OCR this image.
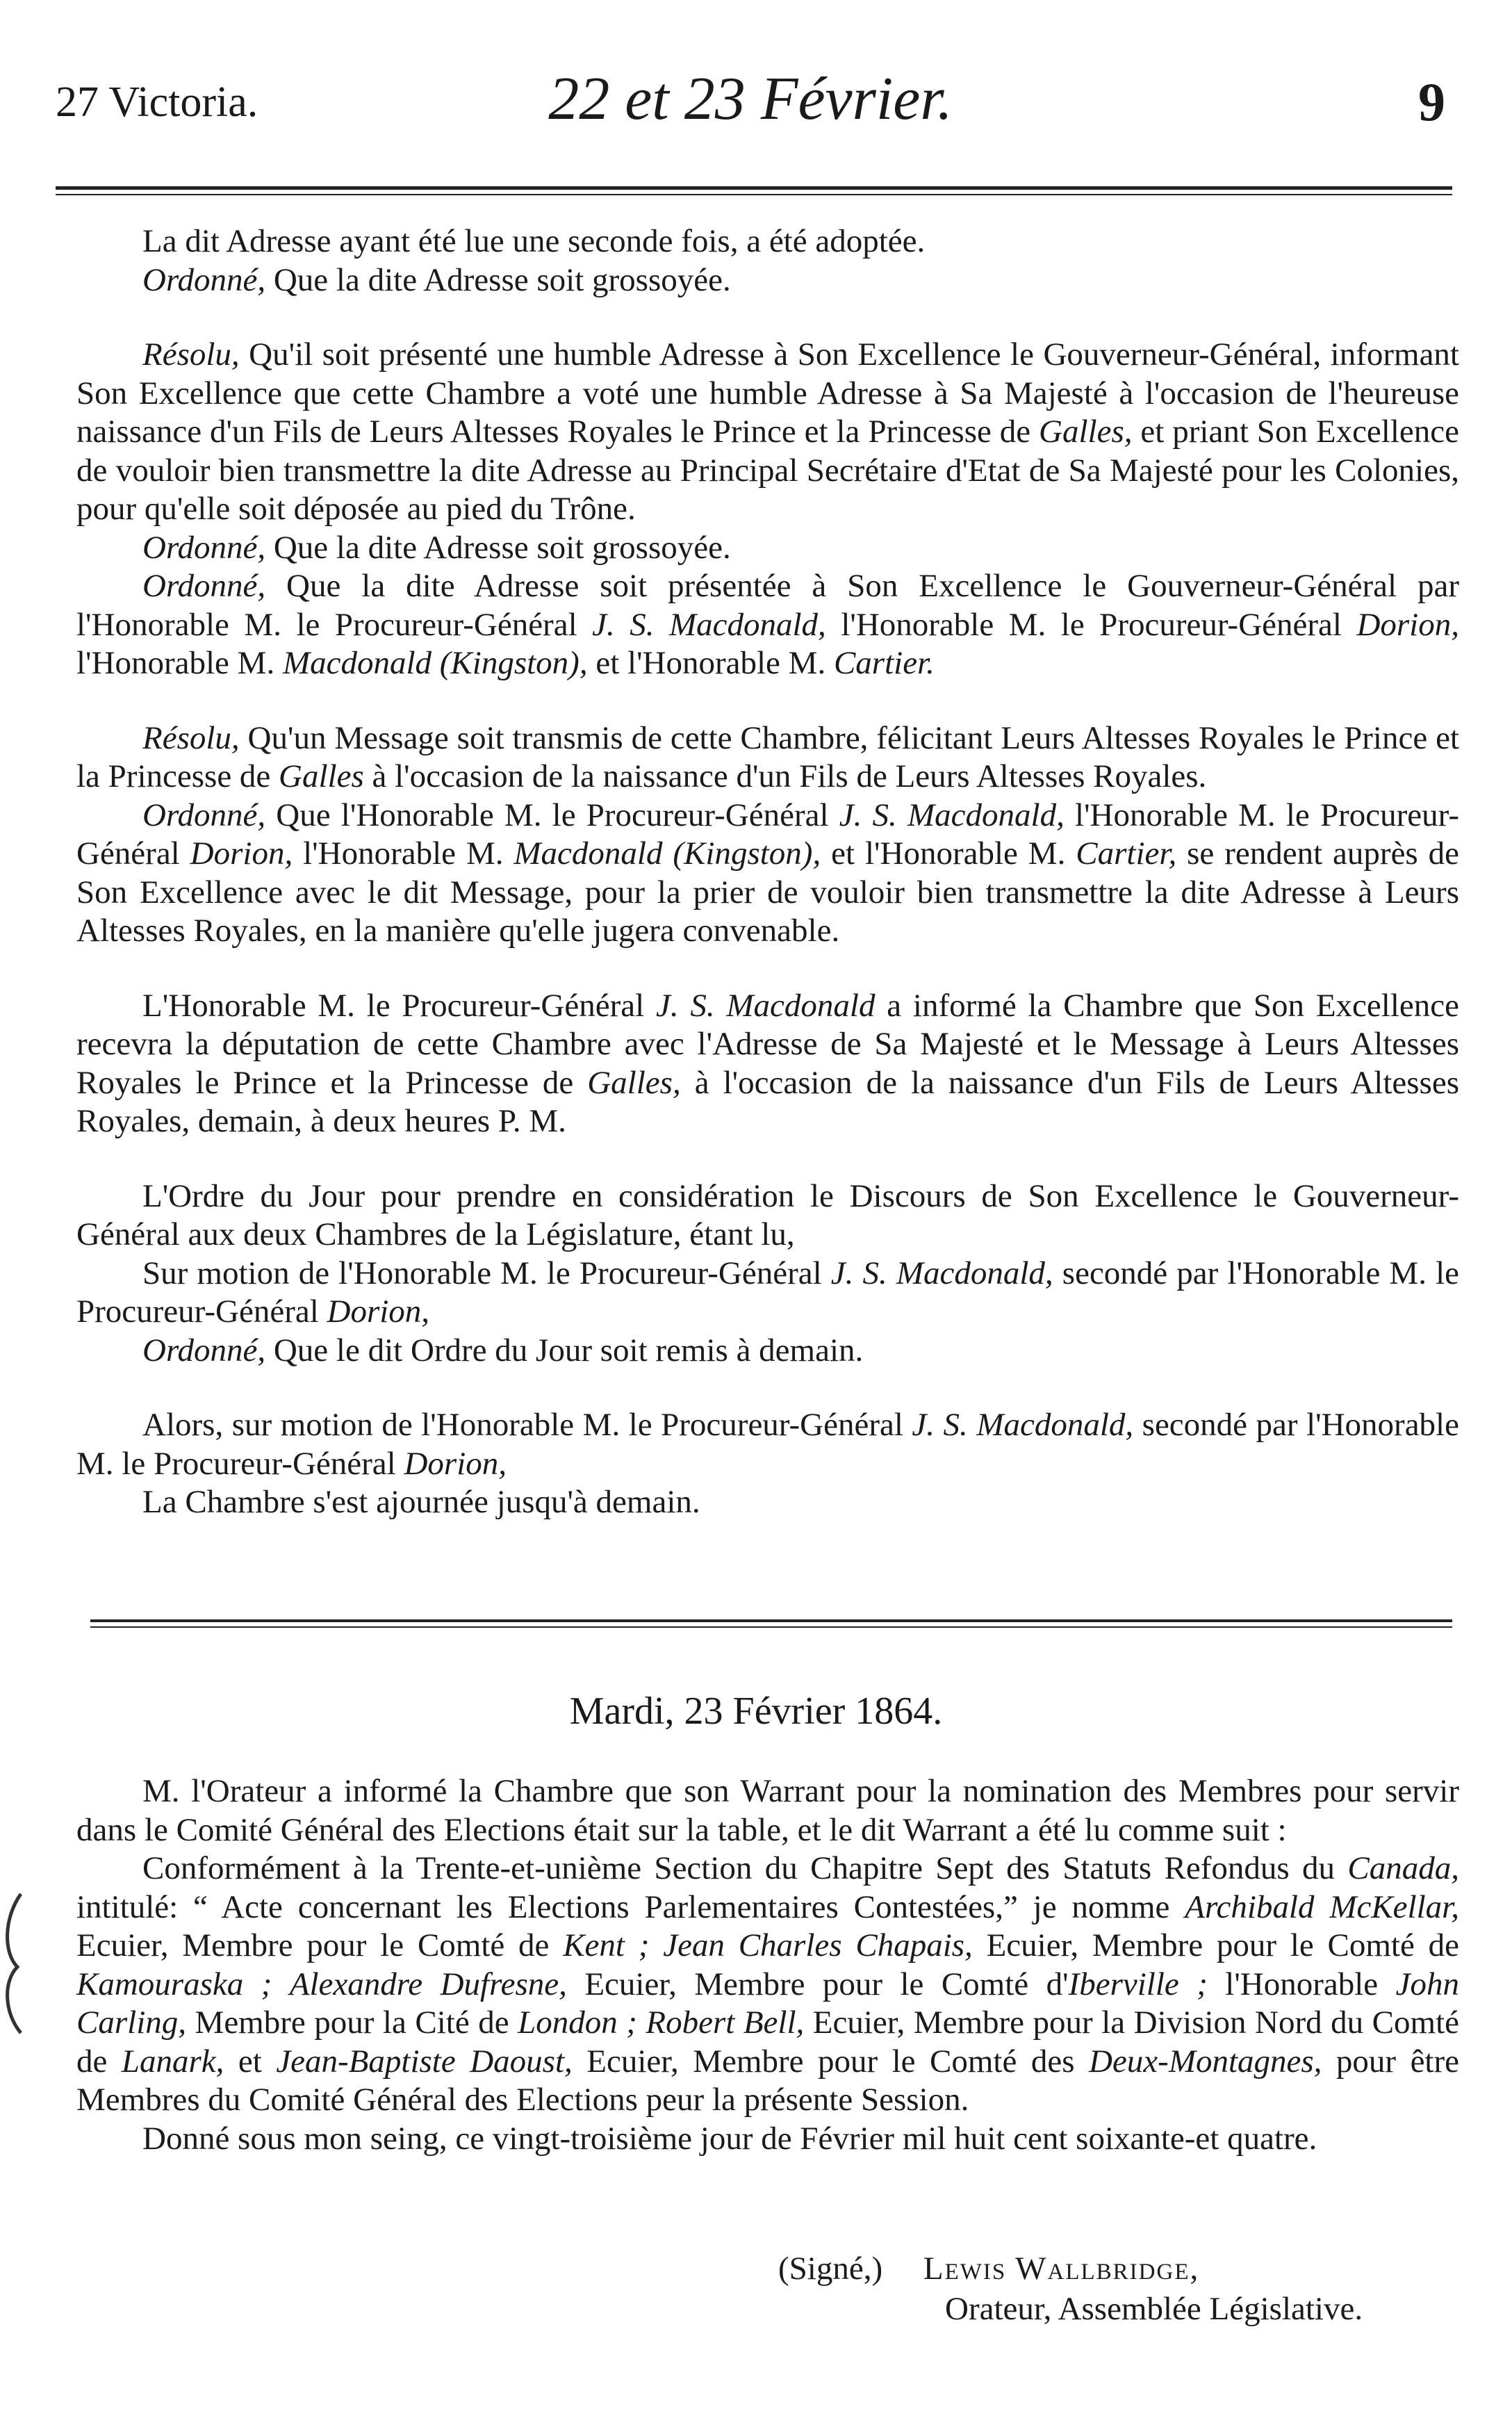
27 Victoria.	22 et 23 Février.	9

La dit Adresse ayant été lue une seconde fois, a été adoptée.

Ordonné, Que la dite Adresse soit grossoyée.

Résolu, Qu'il soit présenté une humble Adresse à Son Excellence le Gouverneur-Général, informant Son Excellence que cette Chambre a voté une humble Adresse à Sa Majesté à l'occasion de l'heureuse naissance d'un Fils de Leurs Altesses Royales le Prince et la Princesse de Galles, et priant Son Excellence de vouloir bien transmettre la dite Adresse au Principal Secrétaire d'Etat de Sa Majesté pour les Colonies, pour qu'elle soit déposée au pied du Trône.

Ordonné, Que la dite Adresse soit grossoyée.

Ordonné, Que la dite Adresse soit présentée à Son Excellence le Gouverneur-Général par l'Honorable M. le Procureur-Général J. S. Macdonald, l'Honorable M. le Procureur-Général Dorion, l'Honorable M. Macdonald (Kingston), et l'Honorable M. Cartier.

Résolu, Qu'un Message soit transmis de cette Chambre, félicitant Leurs Altesses Royales le Prince et la Princesse de Galles à l'occasion de la naissance d'un Fils de Leurs Altesses Royales.

Ordonné, Que l'Honorable M. le Procureur-Général J. S. Macdonald, l'Honorable M. le Procureur-Général Dorion, l'Honorable M. Macdonald (Kingston), et l'Honorable M. Cartier, se rendent auprès de Son Excellence avec le dit Message, pour la prier de vouloir bien transmettre la dite Adresse à Leurs Altesses Royales, en la manière qu'elle jugera convenable.

L'Honorable M. le Procureur-Général J. S. Macdonald a informé la Chambre que Son Excellence recevra la députation de cette Chambre avec l'Adresse de Sa Majesté et le Message à Leurs Altesses Royales le Prince et la Princesse de Galles, à l'occasion de la naissance d'un Fils de Leurs Altesses Royales, demain, à deux heures P. M.

L'Ordre du Jour pour prendre en considération le Discours de Son Excellence le Gouverneur-Général aux deux Chambres de la Législature, étant lu,

Sur motion de l'Honorable M. le Procureur-Général J. S. Macdonald, secondé par l'Honorable M. le Procureur-Général Dorion,

Ordonné, Que le dit Ordre du Jour soit remis à demain.

Alors, sur motion de l'Honorable M. le Procureur-Général J. S. Macdonald, secondé par l'Honorable M. le Procureur-Général Dorion,

La Chambre s'est ajournée jusqu'à demain.

Mardi, 23 Février 1864.

M. l'Orateur a informé la Chambre que son Warrant pour la nomination des Membres pour servir dans le Comité Général des Elections était sur la table, et le dit Warrant a été lu comme suit :

Conformément à la Trente-et-unième Section du Chapitre Sept des Statuts Refondus du Canada, intitulé: “ Acte concernant les Elections Parlementaires Contestées,” je nomme Archibald McKellar, Ecuier, Membre pour le Comté de Kent ; Jean Charles Chapais, Ecuier, Membre pour le Comté de Kamouraska ; Alexandre Dufresne, Ecuier, Membre pour le Comté d'Iberville ; l'Honorable John Carling, Membre pour la Cité de London ; Robert Bell, Ecuier, Membre pour la Division Nord du Comté de Lanark, et Jean-Baptiste Daoust, Ecuier, Membre pour le Comté des Deux-Montagnes, pour être Membres du Comité Général des Elections peur la présente Session.

Donné sous mon seing, ce vingt-troisième jour de Février mil huit cent soixante-et quatre.

(Signé,) Lewis Wallbridge,
Orateur, Assemblée Législative.
